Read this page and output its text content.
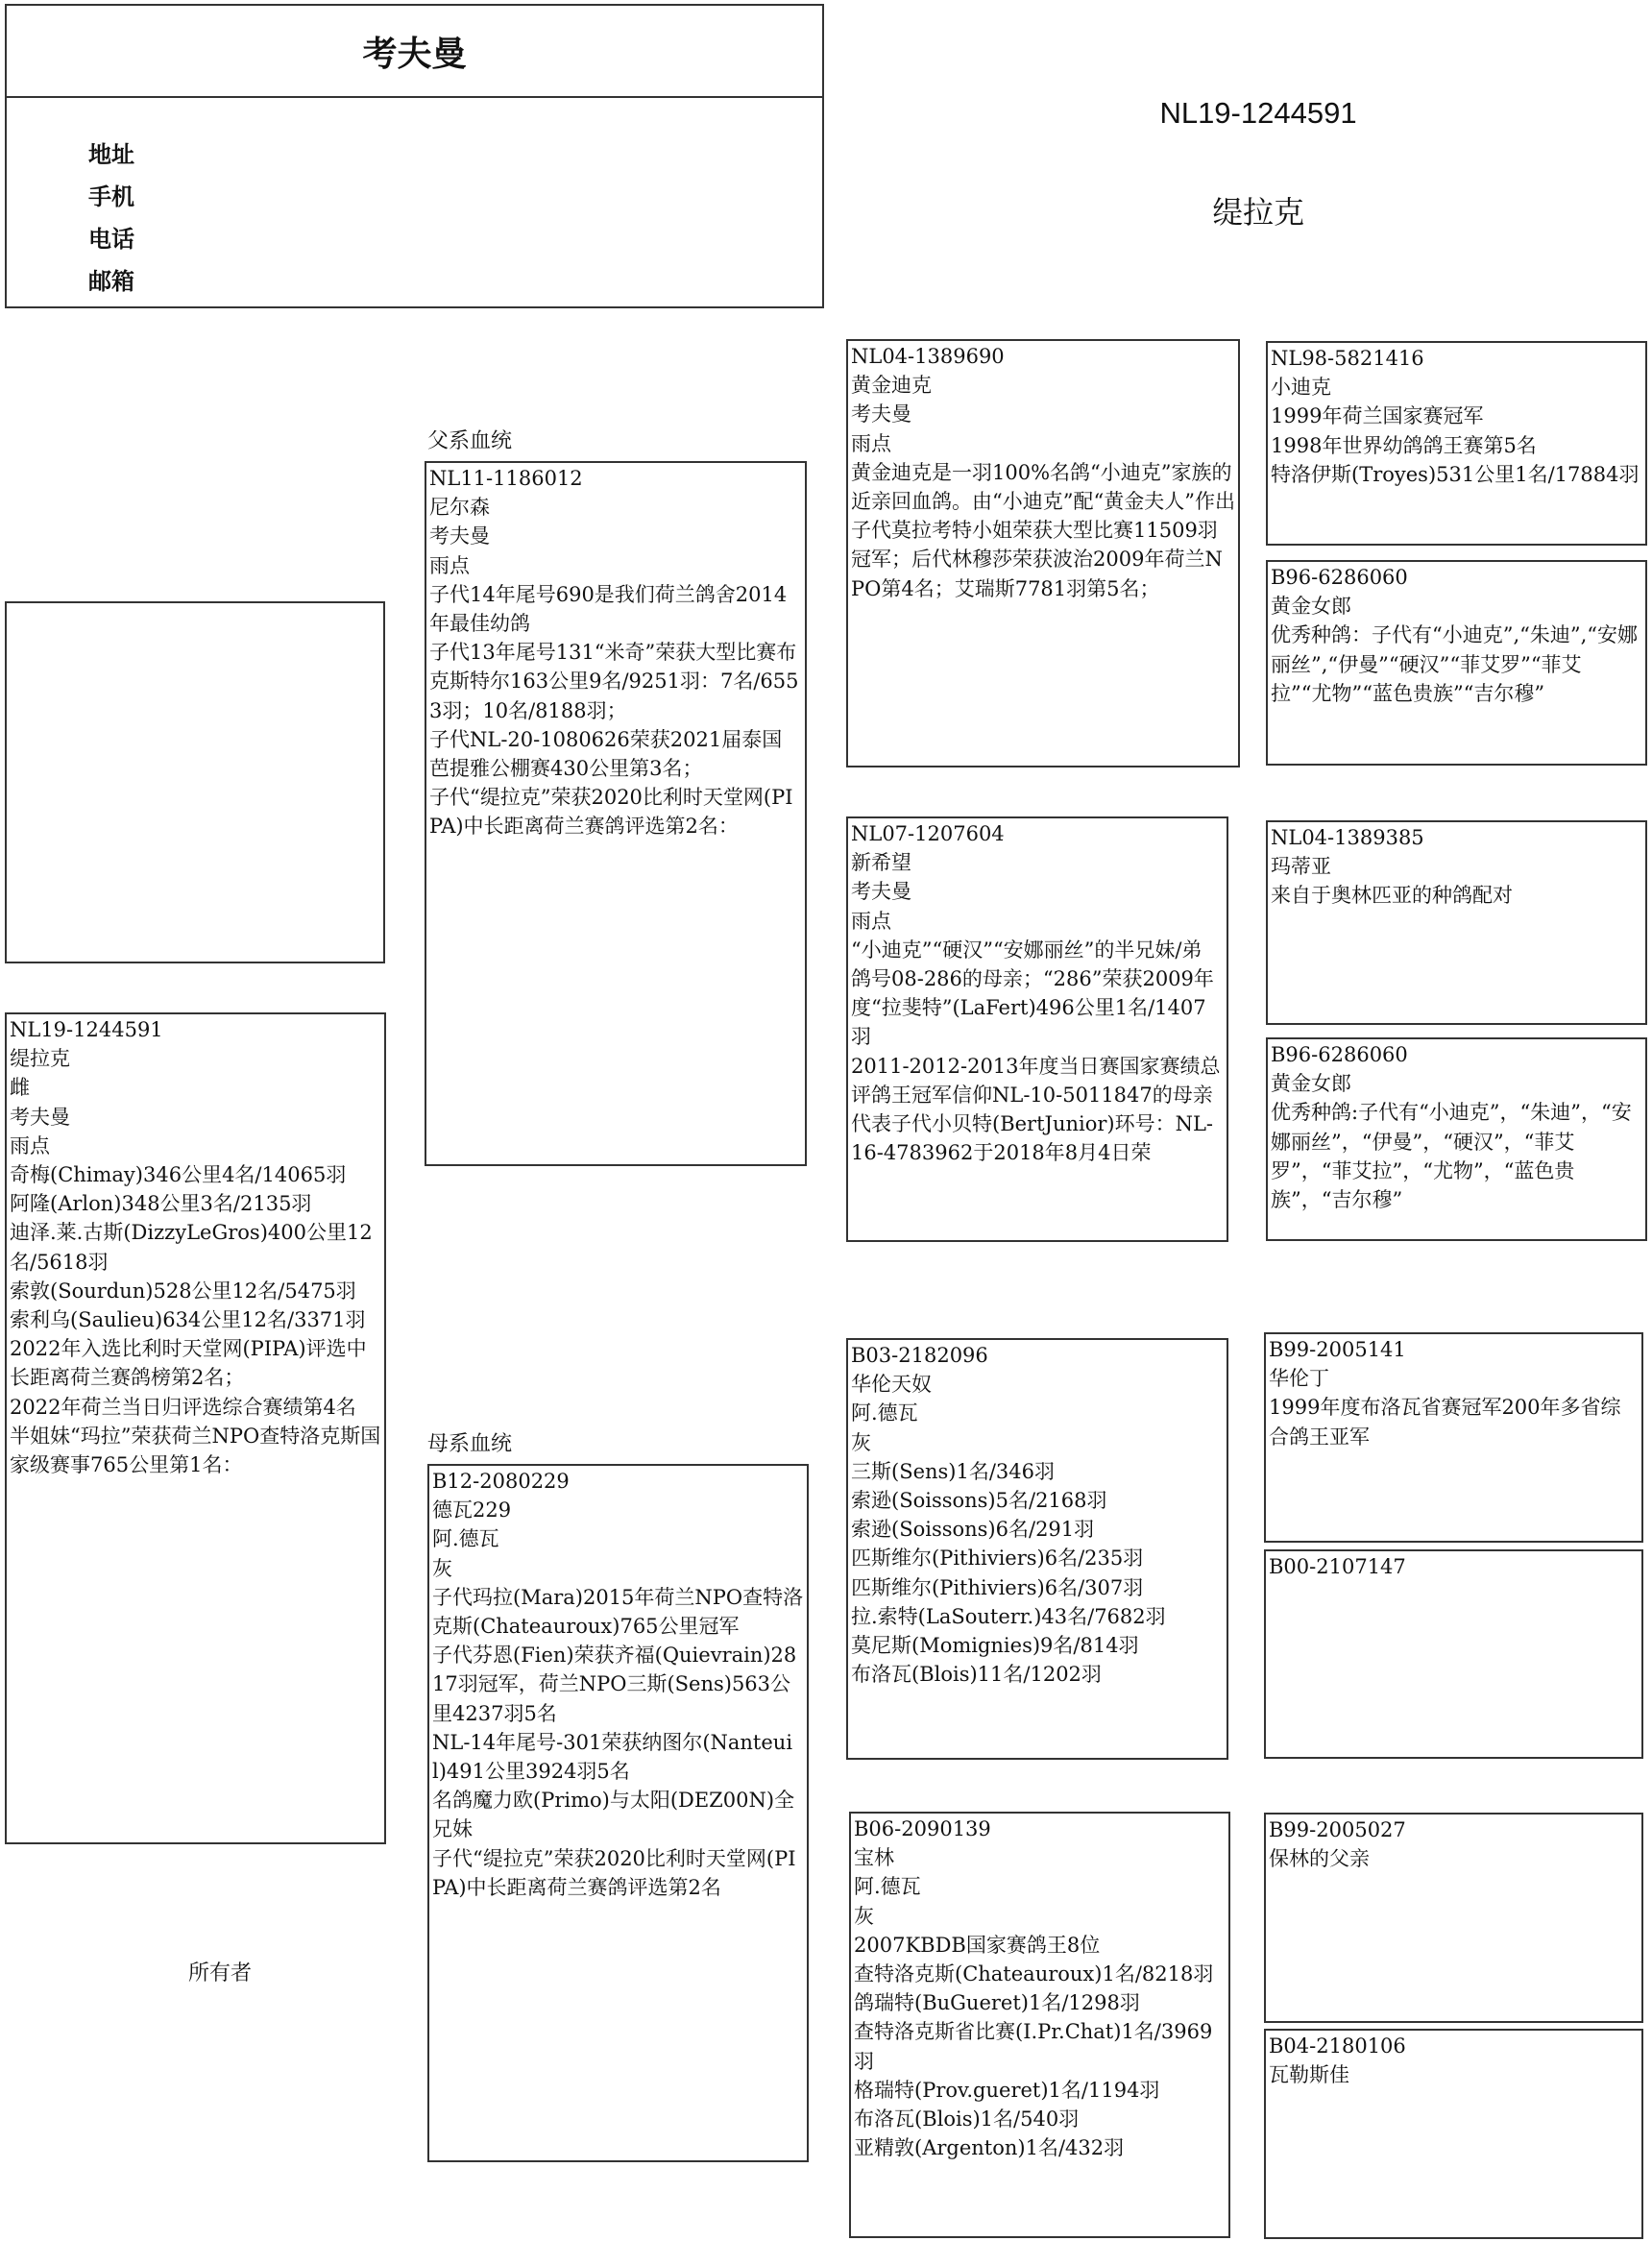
考夫曼
地址
手机
电话
邮箱
NL19-1244591
缇拉克
父系血统
母系血统
所有者
NL19-1244591
缇拉克
雌
考夫曼
雨点
奇梅(Chimay)346公里4名/14065羽
阿隆(Arlon)348公里3名/2135羽
迪泽.莱.古斯(DizzyLeGros)400公里12名/5618羽
索敦(Sourdun)528公里12名/5475羽
索利乌(Saulieu)634公里12名/3371羽
2022年入选比利时天堂网(PIPA)评选中长距离荷兰赛鸽榜第2名；
2022年荷兰当日归评选综合赛绩第4名
半姐妹“玛拉”荣获荷兰NPO查特洛克斯国家级赛事765公里第1名：
NL11-1186012
尼尔森
考夫曼
雨点
子代14年尾号690是我们荷兰鸽舍2014年最佳幼鸽
子代13年尾号131“米奇”荣获大型比赛布克斯特尔163公里9名/9251羽：7名/6553羽；10名/8188羽；
子代NL-20-1080626荣获2021届泰国芭提雅公棚赛430公里第3名；
子代“缇拉克”荣获2020比利时天堂网(PIPA)中长距离荷兰赛鸽评选第2名：
B12-2080229
德瓦229
阿.德瓦
灰
子代玛拉(Mara)2015年荷兰NPO查特洛克斯(Chateauroux)765公里冠军
子代芬恩(Fien)荣获齐福(Quievrain)2817羽冠军，荷兰NPO三斯(Sens)563公里4237羽5名
NL-14年尾号-301荣获纳图尔(Nanteuil)491公里3924羽5名
名鸽魔力欧(Primo)与太阳(DEZ00N)全兄妹
子代“缇拉克”荣获2020比利时天堂网(PIPA)中长距离荷兰赛鸽评选第2名
NL04-1389690
黄金迪克
考夫曼
雨点
黄金迪克是一羽100%名鸽“小迪克”家族的近亲回血鸽。由“小迪克”配“黄金夫人”作出
子代莫拉考特小姐荣获大型比赛11509羽冠军；后代林穆莎荣获波治2009年荷兰NPO第4名；艾瑞斯7781羽第5名；
NL07-1207604
新希望
考夫曼
雨点
“小迪克”“硬汉”“安娜丽丝”的半兄妹/弟
鸽号08-286的母亲；“286”荣获2009年度“拉斐特”(LaFert)496公里1名/1407羽
2011-2012-2013年度当日赛国家赛绩总评鸽王冠军信仰NL-10-5011847的母亲
代表子代小贝特(BertJunior)环号：NL-16-4783962于2018年8月4日荣
B03-2182096
华伦天奴
阿.德瓦
灰
三斯(Sens)1名/346羽
索逊(Soissons)5名/2168羽
索逊(Soissons)6名/291羽
匹斯维尔(Pithiviers)6名/235羽
匹斯维尔(Pithiviers)6名/307羽
拉.索特(LaSouterr.)43名/7682羽
莫尼斯(Momignies)9名/814羽
布洛瓦(Blois)11名/1202羽
B06-2090139
宝林
阿.德瓦
灰
2007KBDB国家赛鸽王8位
查特洛克斯(Chateauroux)1名/8218羽
鸽瑞特(BuGueret)1名/1298羽
查特洛克斯省比赛(I.Pr.Chat)1名/3969羽
格瑞特(Prov.gueret)1名/1194羽
布洛瓦(Blois)1名/540羽
亚精敦(Argenton)1名/432羽
NL98-5821416
小迪克
1999年荷兰国家赛冠军
1998年世界幼鸽鸽王赛第5名
特洛伊斯(Troyes)531公里1名/17884羽
B96-6286060
黄金女郎
优秀种鸽：子代有“小迪克”,“朱迪”,“安娜丽丝”,“伊曼”“硬汉”“菲艾罗”“菲艾拉”“尤物”“蓝色贵族”“吉尔穆”
NL04-1389385
玛蒂亚
来自于奥林匹亚的种鸽配对
B96-6286060
黄金女郎
优秀种鸽:子代有“小迪克”，“朱迪”，“安娜丽丝”，“伊曼”，“硬汉”，“菲艾罗”，“菲艾拉”，“尤物”，“蓝色贵族”，“吉尔穆”
B99-2005141
华伦丁
1999年度布洛瓦省赛冠军200年多省综合鸽王亚军
B00-2107147
B99-2005027
保林的父亲
B04-2180106
瓦勒斯佳
